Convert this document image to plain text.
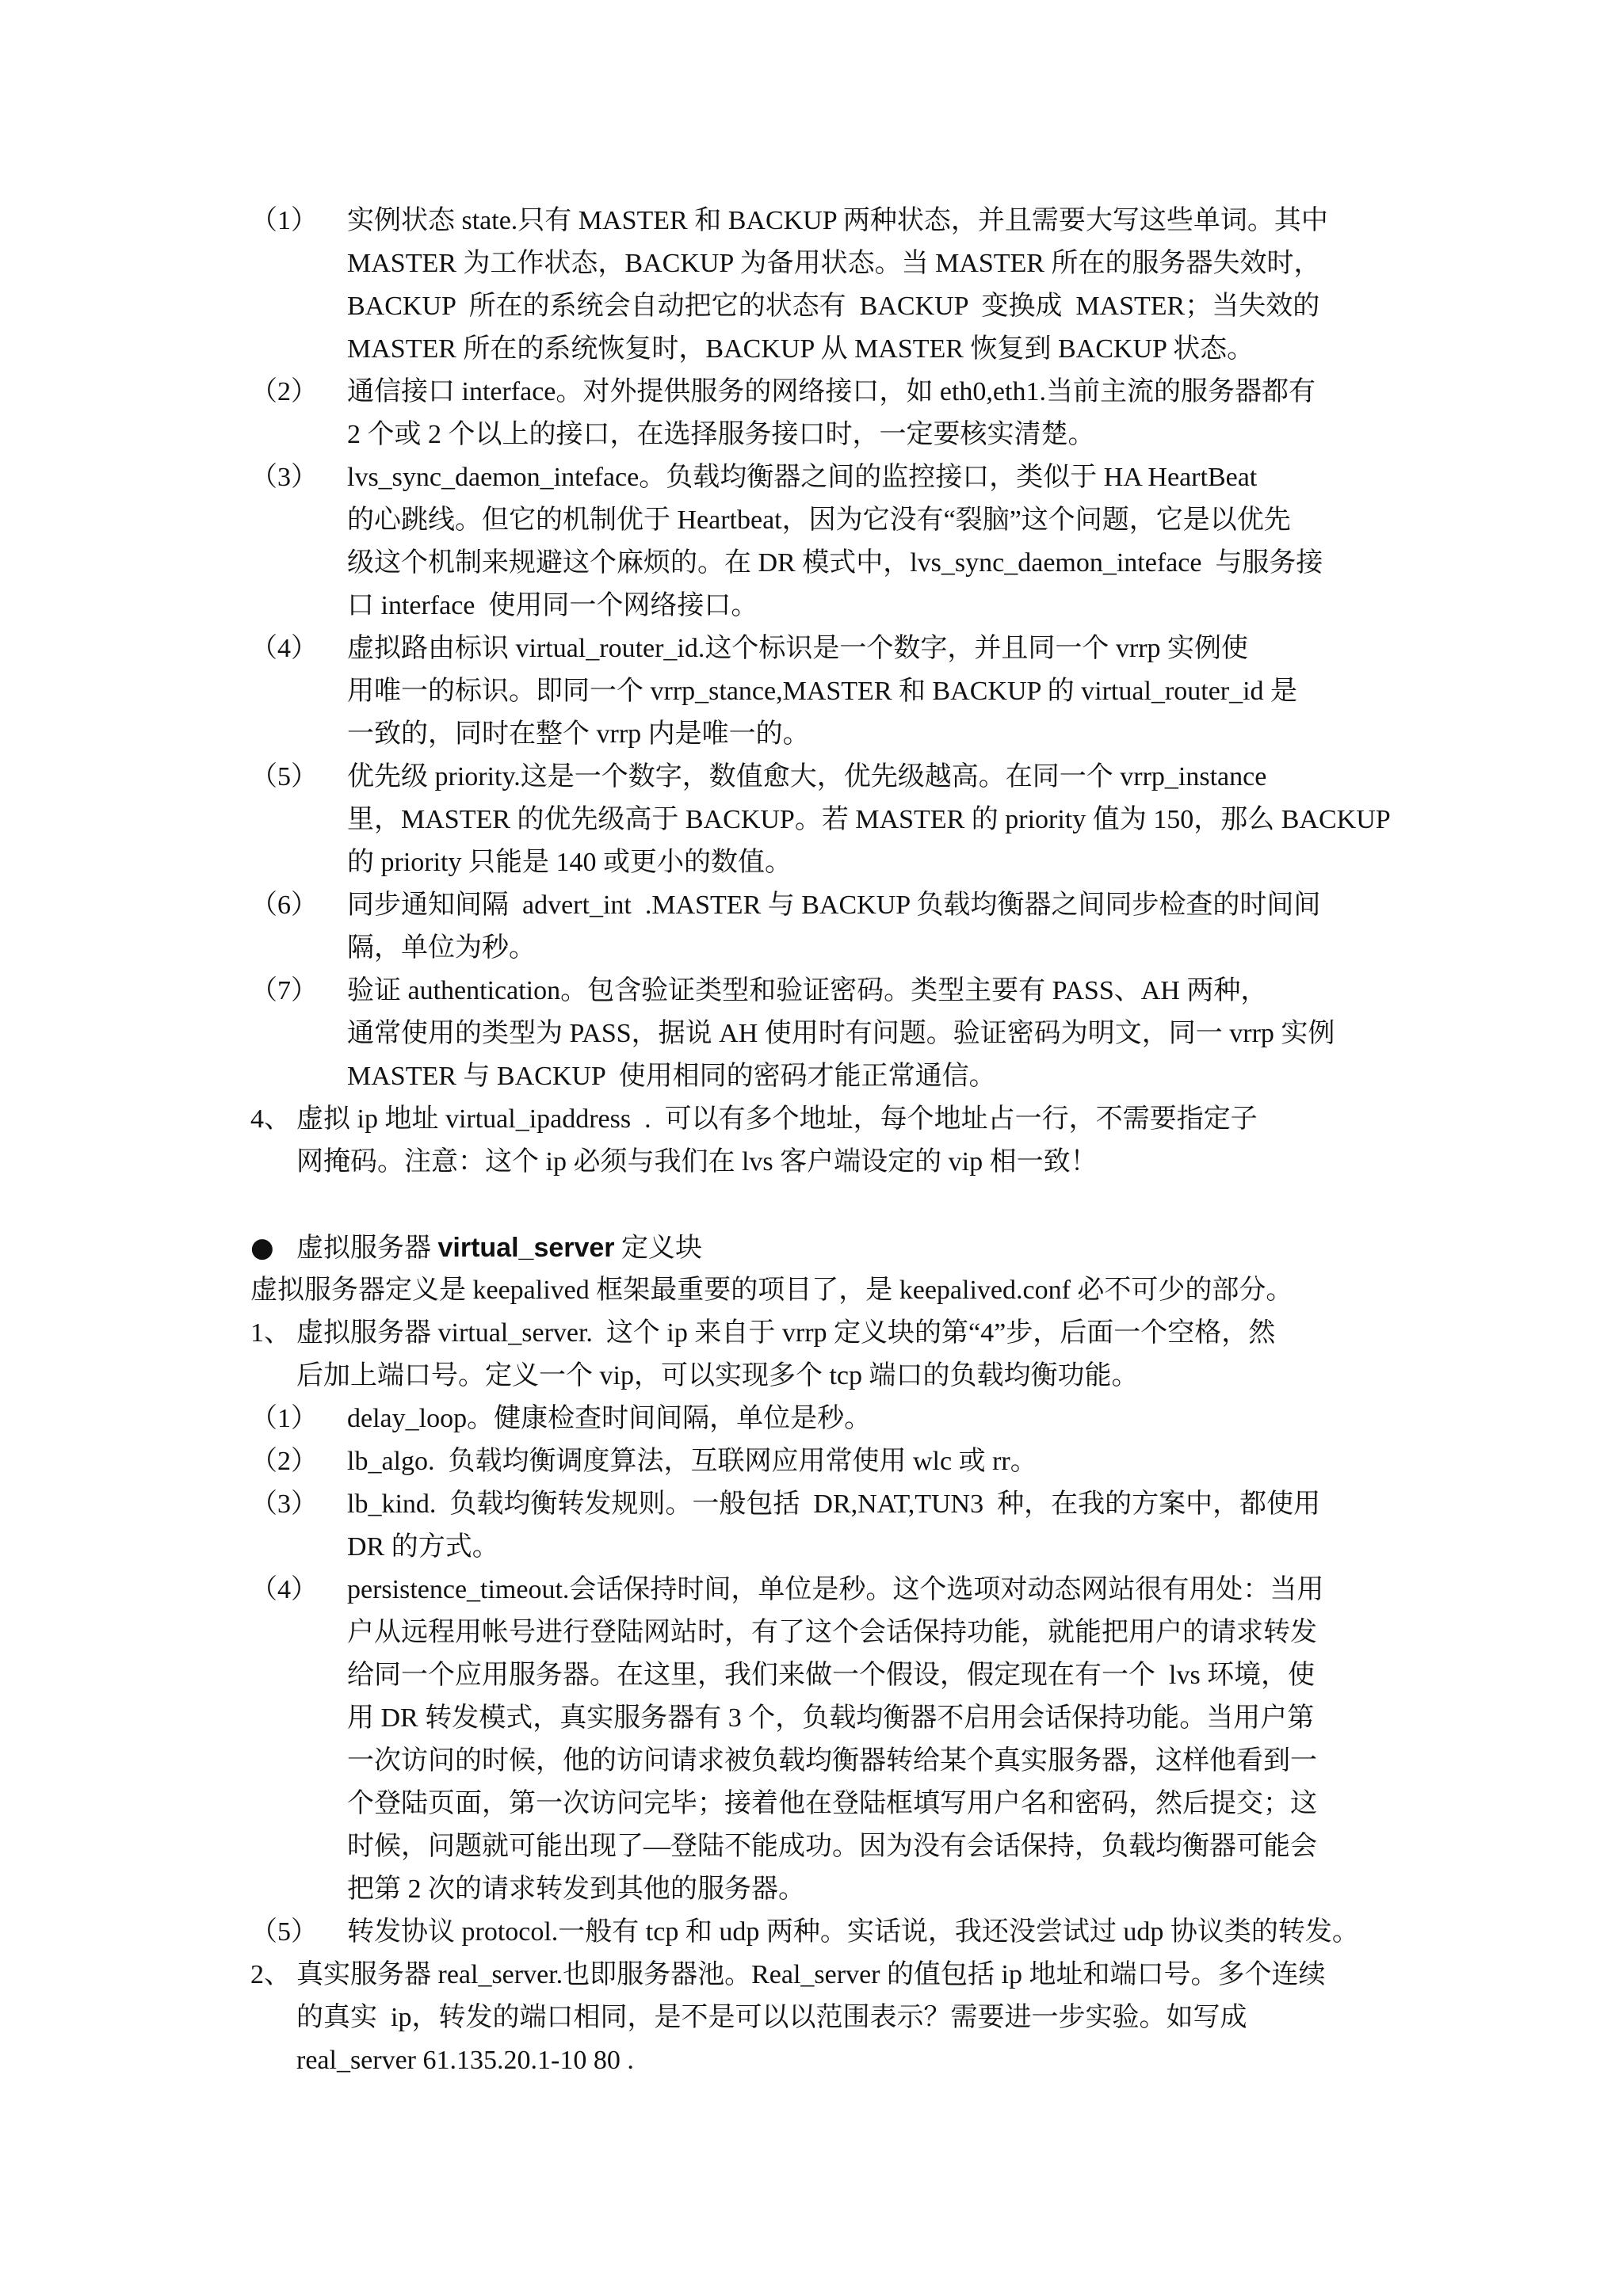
（1） 实例状态 state.只有 MASTER 和 BACKUP 两种状态，并且需要大写这些单词。其中
MASTER 为工作状态，BACKUP 为备用状态。当 MASTER 所在的服务器失效时，
BACKUP  所在的系统会自动把它的状态有  BACKUP  变换成  MASTER；当失效的
MASTER 所在的系统恢复时，BACKUP 从 MASTER 恢复到 BACKUP 状态。
（2） 通信接口 interface。对外提供服务的网络接口，如 eth0,eth1.当前主流的服务器都有
2 个或 2 个以上的接口，在选择服务接口时，一定要核实清楚。
（3） lvs_sync_daemon_inteface。负载均衡器之间的监控接口，类似于 HA HeartBeat
的心跳线。但它的机制优于 Heartbeat，因为它没有“裂脑”这个问题，它是以优先
级这个机制来规避这个麻烦的。在 DR 模式中，lvs_sync_daemon_inteface  与服务接
口 interface  使用同一个网络接口。
（4） 虚拟路由标识 virtual_router_id.这个标识是一个数字，并且同一个 vrrp 实例使
用唯一的标识。即同一个 vrrp_stance,MASTER 和 BACKUP 的 virtual_router_id 是
一致的，同时在整个 vrrp 内是唯一的。
（5） 优先级 priority.这是一个数字，数值愈大，优先级越高。在同一个 vrrp_instance
里，MASTER 的优先级高于 BACKUP。若 MASTER 的 priority 值为 150，那么 BACKUP
的 priority 只能是 140 或更小的数值。
（6） 同步通知间隔  advert_int  .MASTER 与 BACKUP 负载均衡器之间同步检查的时间间
隔，单位为秒。
（7） 验证 authentication。包含验证类型和验证密码。类型主要有 PASS、AH 两种，
通常使用的类型为 PASS，据说 AH 使用时有问题。验证密码为明文，同一 vrrp 实例
MASTER 与 BACKUP  使用相同的密码才能正常通信。
4、 虚拟 ip 地址 virtual_ipaddress  .  可以有多个地址，每个地址占一行，不需要指定子
网掩码。注意：这个 ip 必须与我们在 lvs 客户端设定的 vip 相一致！
● 虚拟服务器 virtual_server 定义块
虚拟服务器定义是 keepalived 框架最重要的项目了，是 keepalived.conf 必不可少的部分。
1、 虚拟服务器 virtual_server.  这个 ip 来自于 vrrp 定义块的第“4”步，后面一个空格，然
后加上端口号。定义一个 vip，可以实现多个 tcp 端口的负载均衡功能。
（1） delay_loop。健康检查时间间隔，单位是秒。
（2） lb_algo.  负载均衡调度算法，互联网应用常使用 wlc 或 rr。
（3） lb_kind.  负载均衡转发规则。一般包括  DR,NAT,TUN3  种，在我的方案中，都使用
DR 的方式。
（4） persistence_timeout.会话保持时间，单位是秒。这个选项对动态网站很有用处：当用
户从远程用帐号进行登陆网站时，有了这个会话保持功能，就能把用户的请求转发
给同一个应用服务器。在这里，我们来做一个假设，假定现在有一个  lvs 环境，使
用 DR 转发模式，真实服务器有 3 个，负载均衡器不启用会话保持功能。当用户第
一次访问的时候，他的访问请求被负载均衡器转给某个真实服务器，这样他看到一
个登陆页面，第一次访问完毕；接着他在登陆框填写用户名和密码，然后提交；这
时候，问题就可能出现了—登陆不能成功。因为没有会话保持，负载均衡器可能会
把第 2 次的请求转发到其他的服务器。
（5） 转发协议 protocol.一般有 tcp 和 udp 两种。实话说，我还没尝试过 udp 协议类的转发。
2、 真实服务器 real_server.也即服务器池。Real_server 的值包括 ip 地址和端口号。多个连续
的真实  ip，转发的端口相同，是不是可以以范围表示？需要进一步实验。如写成
real_server 61.135.20.1-10 80 .
